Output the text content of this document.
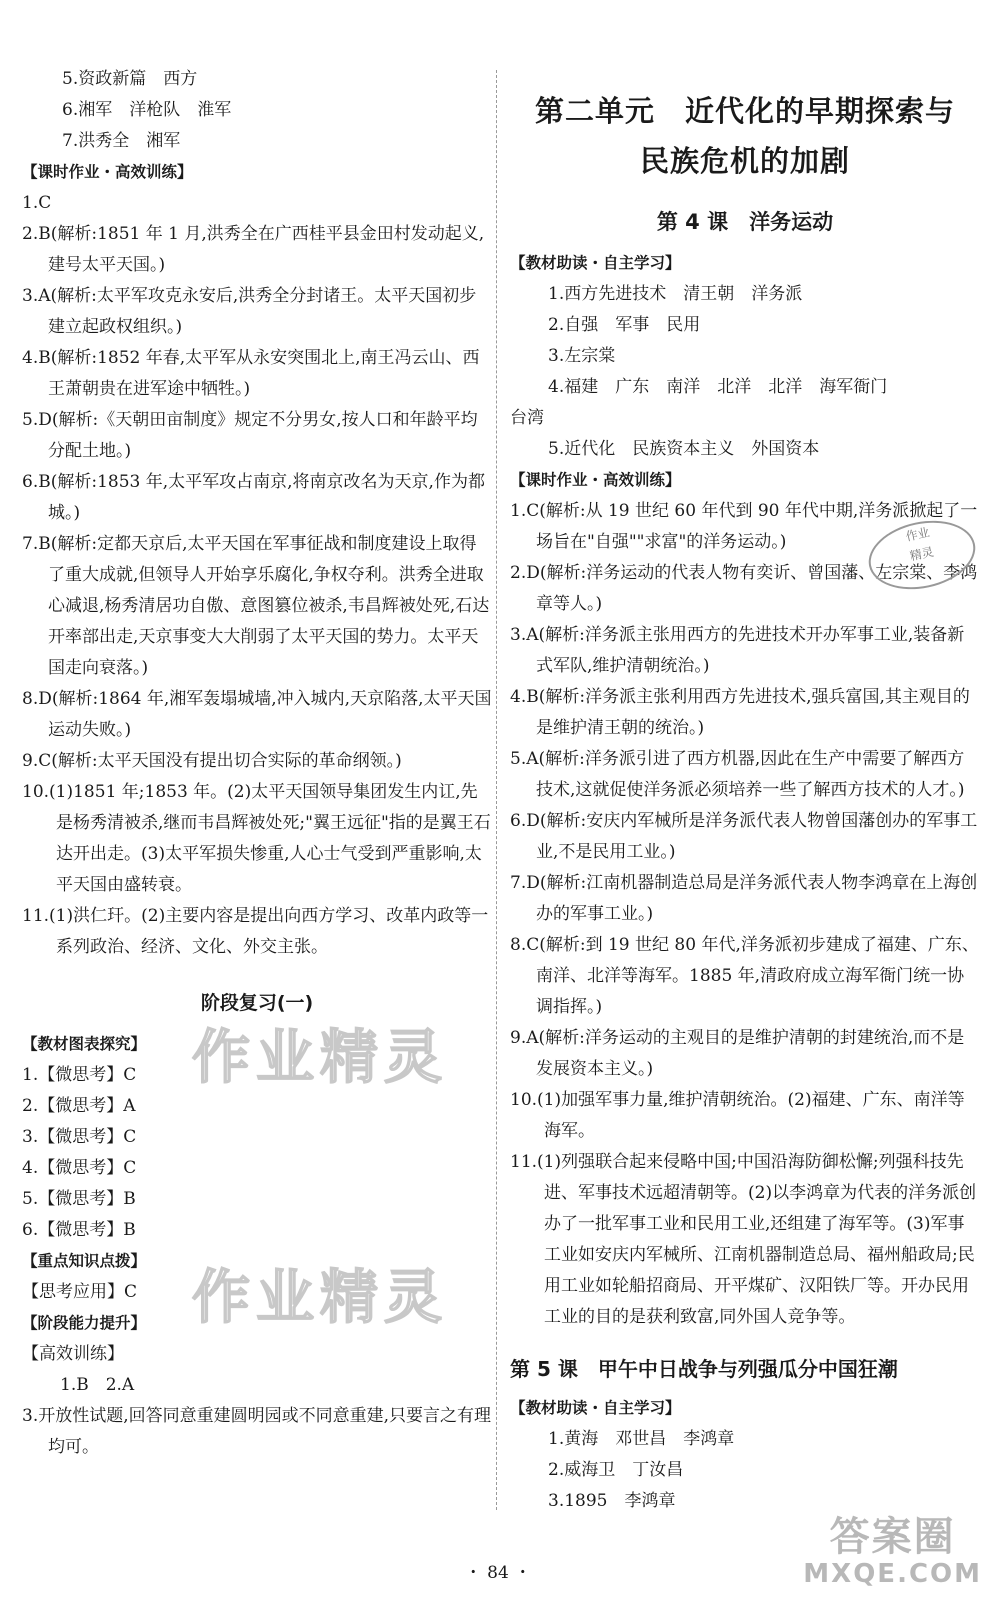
5.资政新篇　西方
6.湘军　洋枪队　淮军
7.洪秀全　湘军
【课时作业・高效训练】
1.C
2.B(解析:1851 年 1 月,洪秀全在广西桂平县金田村发动起义,建号太平天国。)
3.A(解析:太平军攻克永安后,洪秀全分封诸王。太平天国初步建立起政权组织。)
4.B(解析:1852 年春,太平军从永安突围北上,南王冯云山、西王萧朝贵在进军途中牺牲。)
5.D(解析:《天朝田亩制度》规定不分男女,按人口和年龄平均分配土地。)
6.B(解析:1853 年,太平军攻占南京,将南京改名为天京,作为都城。)
7.B(解析:定都天京后,太平天国在军事征战和制度建设上取得了重大成就,但领导人开始享乐腐化,争权夺利。洪秀全进取心减退,杨秀清居功自傲、意图篡位被杀,韦昌辉被处死,石达开率部出走,天京事变大大削弱了太平天国的势力。太平天国走向衰落。)
8.D(解析:1864 年,湘军轰塌城墙,冲入城内,天京陷落,太平天国运动失败。)
9.C(解析:太平天国没有提出切合实际的革命纲领。)
10.(1)1851 年;1853 年。(2)太平天国领导集团发生内讧,先是杨秀清被杀,继而韦昌辉被处死;"翼王远征"指的是翼王石达开出走。(3)太平军损失惨重,人心士气受到严重影响,太平天国由盛转衰。
11.(1)洪仁玕。(2)主要内容是提出向西方学习、改革内政等一系列政治、经济、文化、外交主张。
阶段复习(一)
【教材图表探究】
1.【微思考】C
2.【微思考】A
3.【微思考】C
4.【微思考】C
5.【微思考】B
6.【微思考】B
【重点知识点拨】
【思考应用】C
【阶段能力提升】
【高效训练】
1.B　2.A
3.开放性试题,回答同意重建圆明园或不同意重建,只要言之有理均可。
第二单元　近代化的早期探索与
民族危机的加剧
第 4 课　洋务运动
【教材助读・自主学习】
1.西方先进技术　清王朝　洋务派
2.自强　军事　民用
3.左宗棠
4.福建　广东　南洋　北洋　北洋　海军衙门
台湾
5.近代化　民族资本主义　外国资本
【课时作业・高效训练】
1.C(解析:从 19 世纪 60 年代到 90 年代中期,洋务派掀起了一场旨在"自强""求富"的洋务运动。)
2.D(解析:洋务运动的代表人物有奕䜣、曾国藩、左宗棠、李鸿章等人。)
3.A(解析:洋务派主张用西方的先进技术开办军事工业,装备新式军队,维护清朝统治。)
4.B(解析:洋务派主张利用西方先进技术,强兵富国,其主观目的是维护清王朝的统治。)
5.A(解析:洋务派引进了西方机器,因此在生产中需要了解西方技术,这就促使洋务派必须培养一些了解西方技术的人才。)
6.D(解析:安庆内军械所是洋务派代表人物曾国藩创办的军事工业,不是民用工业。)
7.D(解析:江南机器制造总局是洋务派代表人物李鸿章在上海创办的军事工业。)
8.C(解析:到 19 世纪 80 年代,洋务派初步建成了福建、广东、南洋、北洋等海军。1885 年,清政府成立海军衙门统一协调指挥。)
9.A(解析:洋务运动的主观目的是维护清朝的封建统治,而不是发展资本主义。)
10.(1)加强军事力量,维护清朝统治。(2)福建、广东、南洋等海军。
11.(1)列强联合起来侵略中国;中国沿海防御松懈;列强科技先进、军事技术远超清朝等。(2)以李鸿章为代表的洋务派创办了一批军事工业和民用工业,还组建了海军等。(3)军事工业如安庆内军械所、江南机器制造总局、福州船政局;民用工业如轮船招商局、开平煤矿、汉阳铁厂等。开办民用工业的目的是获利致富,同外国人竞争等。
第 5 课　甲午中日战争与列强瓜分中国狂潮
【教材助读・自主学习】
1.黄海　邓世昌　李鸿章
2.威海卫　丁汝昌
3.1895　李鸿章
作业精灵
作业精灵
作业
精灵
答案圈
MXQE.COM
・ 84 ・
